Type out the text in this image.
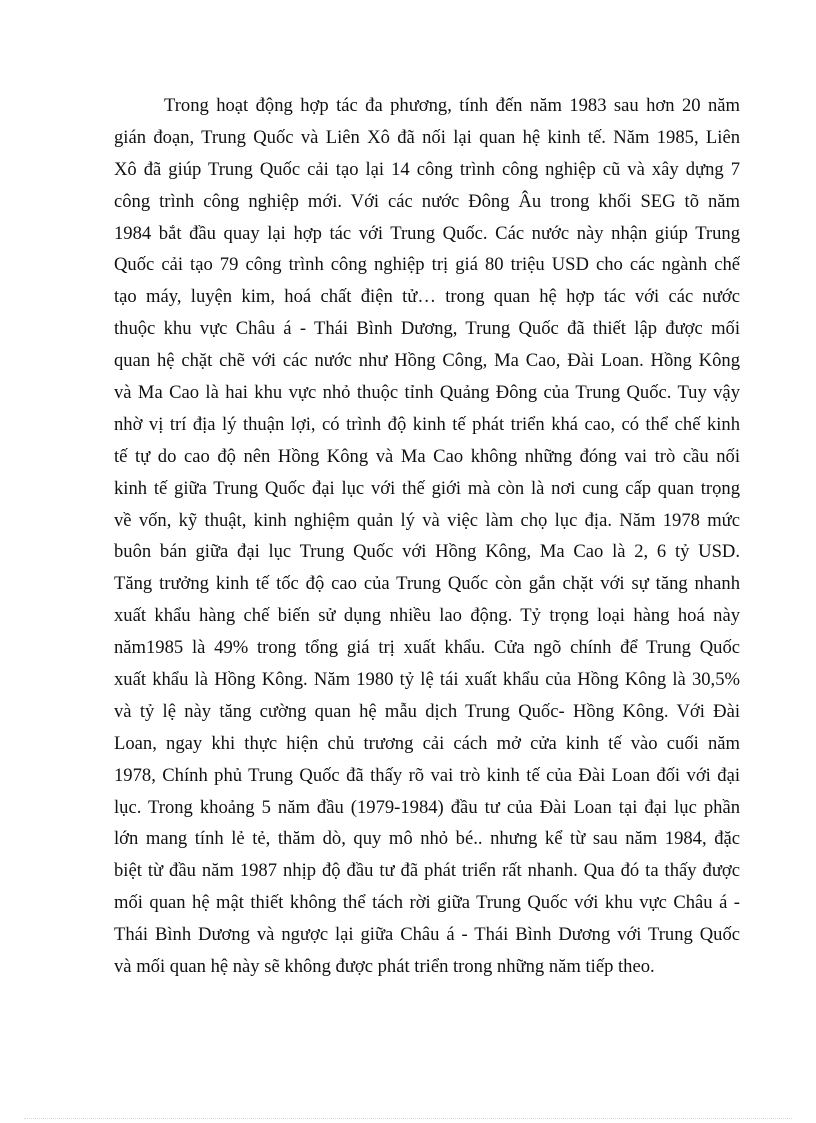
Trong hoạt động hợp tác đa phương, tính đến năm 1983 sau hơn 20 năm
gián đoạn, Trung Quốc và Liên Xô đã nối lại quan hệ kinh tế. Năm 1985, Liên
Xô đã giúp Trung Quốc cải tạo lại 14 công trình công nghiệp cũ và xây dựng 7
công trình công nghiệp mới. Với các nước Đông Âu trong khối SEG tõ năm
1984 bắt đầu quay lại hợp tác với Trung Quốc. Các nước này nhận giúp Trung
Quốc cải tạo 79 công trình công nghiệp trị giá 80 triệu USD cho các ngành chế
tạo máy, luyện kim, hoá chất điện tử… trong quan hệ hợp tác với các nước
thuộc khu vực Châu á - Thái Bình Dương, Trung Quốc đã thiết lập được mối
quan hệ chặt chẽ với các nước như Hồng Công, Ma Cao, Đài Loan. Hồng Kông
và Ma Cao là hai khu vực nhỏ thuộc tỉnh Quảng Đông của Trung Quốc. Tuy vậy
nhờ vị trí địa lý thuận lợi, có trình độ kinh tế phát triển khá cao, có thể chế kinh
tế tự do cao độ nên Hồng Kông và Ma Cao không những đóng vai trò cầu nối
kinh tế giữa Trung Quốc đại lục với thế giới mà còn là nơi cung cấp quan trọng
về vốn, kỹ thuật, kinh nghiệm quản lý và việc làm chọ lục địa. Năm 1978 mức
buôn bán giữa đại lục Trung Quốc với Hồng Kông, Ma Cao là 2, 6 tỷ USD.
Tăng trưởng kinh tế tốc độ cao của Trung Quốc còn gắn chặt với sự tăng nhanh
xuất khẩu hàng chế biến sử dụng nhiều lao động. Tỷ trọng loại hàng hoá này
năm1985 là 49% trong tổng giá trị xuất khẩu. Cửa ngõ chính để Trung Quốc
xuất khẩu là Hồng Kông. Năm 1980 tỷ lệ tái xuất khẩu của Hồng Kông là 30,5%
và tỷ lệ này tăng cường quan hệ mẫu dịch Trung Quốc- Hồng Kông. Với Đài
Loan, ngay khi thực hiện chủ trương cải cách mở cửa kinh tế vào cuối năm
1978, Chính phủ Trung Quốc đã thấy rõ vai trò kinh tế của Đài Loan đối với đại
lục. Trong khoảng 5 năm đầu (1979-1984) đầu tư của Đài Loan tại đại lục phần
lớn mang tính lẻ tẻ, thăm dò, quy mô nhỏ bé.. nhưng kể từ sau năm 1984, đặc
biệt từ đầu năm 1987 nhịp độ đầu tư đã phát triển rất nhanh. Qua đó ta thấy được
mối quan hệ mật thiết không thể tách rời giữa Trung Quốc với khu vực Châu á -
Thái Bình Dương và ngược lại giữa Châu á - Thái Bình Dương với Trung Quốc
và mối quan hệ này sẽ không được phát triển trong những năm tiếp theo.
